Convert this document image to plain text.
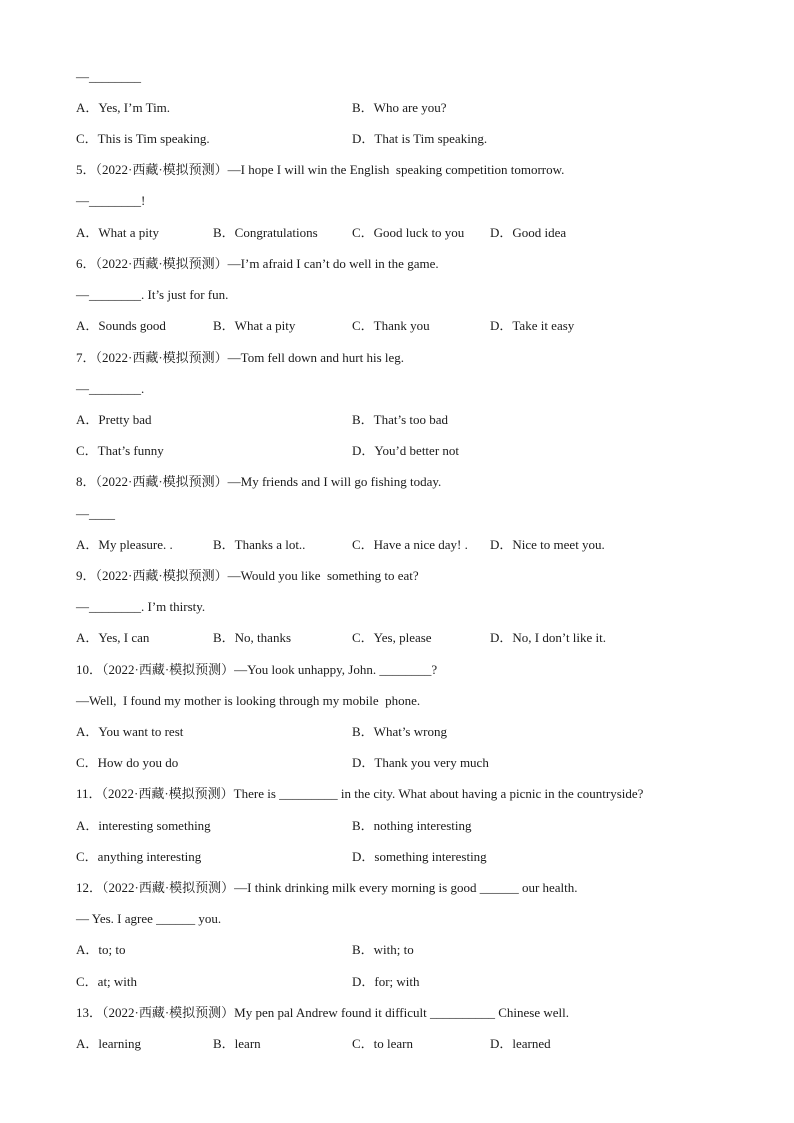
—________
A．Yes, I’m Tim.	B．Who are you?
C．This is Tim speaking.	D．That is Tim speaking.
5．（2022·西藏·模拟预测）—I hope I will win the English  speaking competition tomorrow.
—________!
A．What a pity	B．Congratulations	C．Good luck to you D．Good idea
6．（2022·西藏·模拟预测）—I’m afraid I can’t do well in the game.
—________. It’s just for fun.
A．Sounds good	B．What a pity	C．Thank you	D．Take it easy
7．（2022·西藏·模拟预测）—Tom fell down and hurt his leg.
—________.
A．Pretty bad	B．That’s too bad
C．That’s funny	D．You’d better not
8．（2022·西藏·模拟预测）—My friends and I will go fishing today.
—____
A．My pleasure. .	B．Thanks a lot..	C．Have a nice day! . D．Nice to meet you.
9．（2022·西藏·模拟预测）—Would you like  something to eat?
—________. I’m thirsty.
A．Yes, I can	B．No, thanks	C．Yes, please	D．No, I don’t like it.
10．（2022·西藏·模拟预测）—You look unhappy, John. ________?
—Well,  I found my mother is looking through my mobile  phone.
A．You want to rest	B．What’s wrong
C．How do you do	D．Thank you very much
11．（2022·西藏·模拟预测）There is _________ in the city. What about having a picnic in the countryside?
A．interesting something	B．nothing interesting
C．anything interesting	D．something interesting
12．（2022·西藏·模拟预测）—I think drinking milk every morning is good ______ our health.
— Yes. I agree ______ you.
A．to; to	B．with; to
C．at; with	D．for; with
13．（2022·西藏·模拟预测）My pen pal Andrew found it difficult __________ Chinese well.
A．learning	B．learn	C．to learn	D．learned
